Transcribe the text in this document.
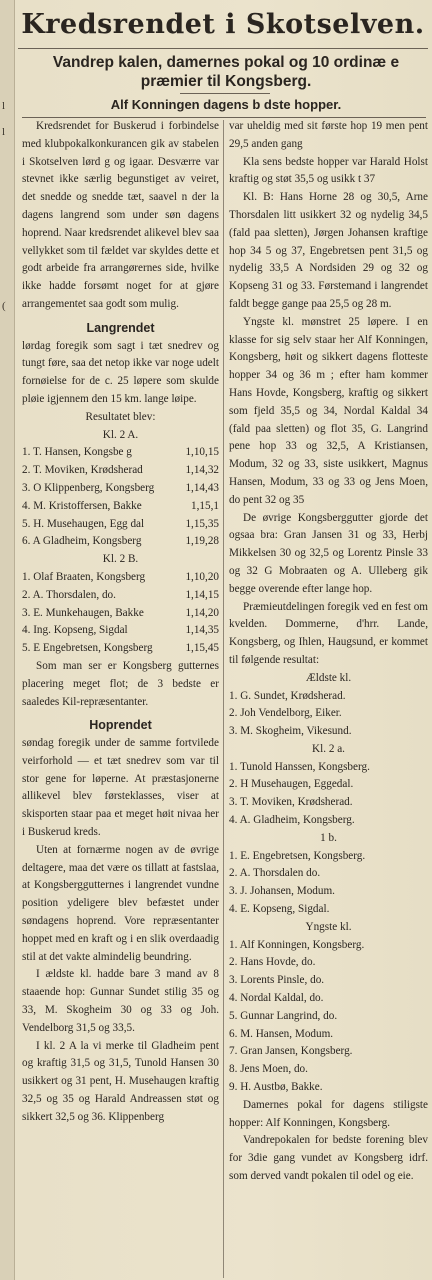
l
l
(
Kredsrendet i Skotselven.
Vandrep kalen, damernes pokal og 10 ordinæ e præmier til Kongsberg.
Alf Konningen dagens b dste hopper.

Kredsrendet for Buskerud i forbindelse med klubpokalkonkurancen gik av stabelen i Skotselven lørd g og igaar. Desværre var stevnet ikke særlig begunstiget av veiret, det snedde og snedde tæt, saavel n der la dagens langrend som under søn dagens hoprend. Naar kredsrendet alikevel blev saa vellykket som til fældet var skyldes dette et godt arbeide fra arrangørernes side, hvilke ikke hadde forsømt noget for at gjøre arrangementet saa godt som mulig.

Langrendet

lørdag foregik som sagt i tæt snedrev og tungt føre, saa det netop ikke var noge udelt fornøielse for de c. 25 løpere som skulde pløie igjennem den 15 km. lange løipe.

Resultatet blev:

Kl. 2 A.

1. T. Hansen, Kongsbe g	1,10,15
2. T. Moviken, Krødsherad	1,14,32
3. O Klippenberg, Kongsberg	1,14,43
4. M. Kristoffersen, Bakke	1,15,1
5. H. Musehaugen, Egg dal	1,15,35
6. A Gladheim, Kongsberg	1,19,28

Kl. 2 B.

1. Olaf Braaten, Kongsberg	1,10,20
2. A. Thorsdalen, do.	1,14,15
3. E. Munkehaugen, Bakke	1,14,20
4. Ing. Kopseng, Sigdal	1,14,35
5. E Engebretsen, Kongsberg	1,15,45

Som man ser er Kongsberg gutternes placering meget flot; de 3 bedste er saaledes Kil-repræsentanter.

Hoprendet

søndag foregik under de samme fortvilede veirforhold — et tæt snedrev som var til stor gene for løperne. At præstasjonerne allikevel blev førsteklasses, viser at skisporten staar paa et meget høit nivaa her i Buskerud kreds.

Uten at fornærme nogen av de øvrige deltagere, maa det være os tillatt at fastslaa, at Kongsberggutternes i langrendet vundne position ydeligere blev befæstet under søndagens hoprend. Vore repræsentanter hoppet med en kraft og i en slik overdaadig stil at det vakte almindelig beundring.

I ældste kl. hadde bare 3 mand av 8 staaende hop: Gunnar Sundet stilig 35 og 33, M. Skogheim 30 og 33 og Joh. Vendelborg 31,5 og 33,5.

I kl. 2 A la vi merke til Gladheim pent og kraftig 31,5 og 31,5, Tunold Hansen 30 usikkert og 31 pent, H. Musehaugen kraftig 32,5 og 35 og Harald Andreassen støt og sikkert 32,5 og 36. Klippenberg

var uheldig med sit første hop 19 men pent 29,5 anden gang

Kla sens bedste hopper var Harald Holst kraftig og støt 35,5 og usikk t 37

Kl. B: Hans Horne 28 og 30,5, Arne Thorsdalen litt usikkert 32 og nydelig 34,5 (fald paa sletten), Jørgen Johansen kraftige hop 34 5 og 37, Engebretsen pent 31,5 og nydelig 33,5 A Nordsiden 29 og 32 og Kopseng 31 og 33. Førstemand i langrendet faldt begge gange paa 25,5 og 28 m.

Yngste kl. mønstret 25 løpere. I en klasse for sig selv staar her Alf Konningen, Kongsberg, høit og sikkert dagens flotteste hopper 34 og 36 m ; efter ham kommer Hans Hovde, Kongsberg, kraftig og sikkert som fjeld 35,5 og 34, Nordal Kaldal 34 (fald paa sletten) og flot 35, G. Langrind pene hop 33 og 32,5, A Kristiansen, Modum, 32 og 33, siste usikkert, Magnus Hansen, Modum, 33 og 33 og Jens Moen, do pent 32 og 35

De øvrige Kongsberggutter gjorde det ogsaa bra: Gran Jansen 31 og 33, Herbj Mikkelsen 30 og 32,5 og Lorentz Pinsle 33 og 32 G Mobraaten og A. Ulleberg gik begge overende efter lange hop.

Præmieutdelingen foregik ved en fest om kvelden. Dommerne, d'hrr. Lande, Kongsberg, og Ihlen, Haugsund, er kommet til følgende resultat:

Ældste kl.

1. G. Sundet, Krødsherad.
2. Joh Vendelborg, Eiker.
3. M. Skogheim, Vikesund.

Kl. 2 a.

1. Tunold Hanssen, Kongsberg.
2. H Musehaugen, Eggedal.
3. T. Moviken, Krødsherad.
4. A. Gladheim, Kongsberg.

1 b.

1. E. Engebretsen, Kongsberg.
2. A. Thorsdalen do.
3. J. Johansen, Modum.
4. E. Kopseng, Sigdal.

Yngste kl.

1. Alf Konningen, Kongsberg.
2. Hans Hovde, do.
3. Lorents Pinsle, do.
4. Nordal Kaldal, do.
5. Gunnar Langrind, do.
6. M. Hansen, Modum.
7. Gran Jansen, Kongsberg.
8. Jens Moen, do.
9. H. Austbø, Bakke.

Damernes pokal for dagens stiligste hopper: Alf Konningen, Kongsberg.

Vandrepokalen for bedste forening blev for 3die gang vundet av Kongsberg idrf. som derved vandt pokalen til odel og eie.
